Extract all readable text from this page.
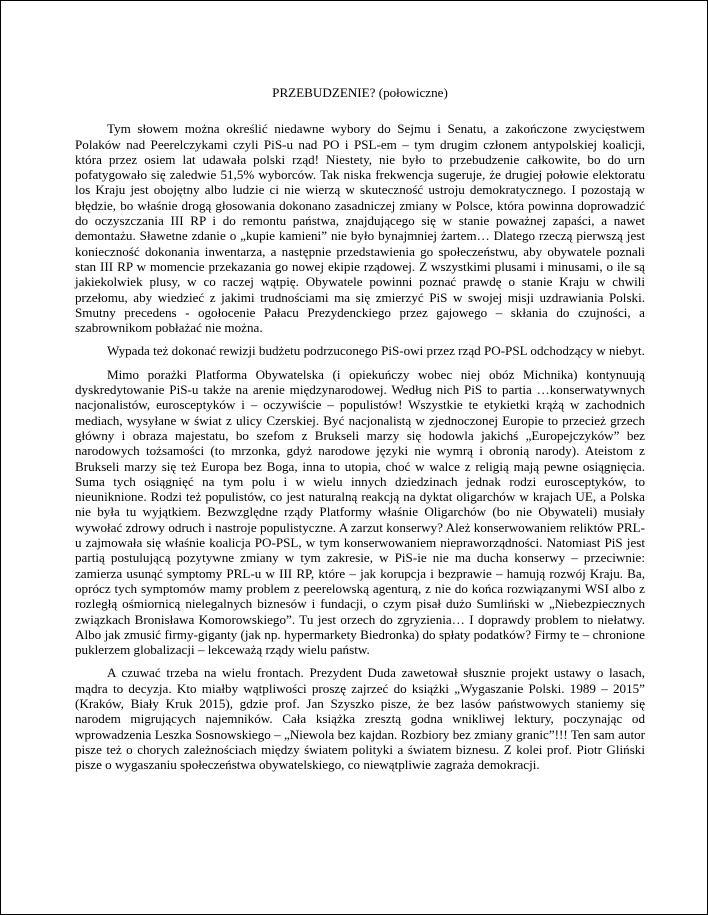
PRZEBUDZENIE? (połowiczne)

Tym słowem można określić niedawne wybory do Sejmu i Senatu, a zakończone zwycięstwem Polaków nad Peerelczykami czyli PiS-u nad PO i PSL-em – tym drugim członem antypolskiej koalicji, która przez osiem lat udawała polski rząd! Niestety, nie było to przebudzenie całkowite, bo do urn pofatygowało się zaledwie 51,5% wyborców. Tak niska frekwencja sugeruje, że drugiej połowie elektoratu los Kraju jest obojętny albo ludzie ci nie wierzą w skuteczność ustroju demokratycznego. I pozostają w błędzie, bo właśnie drogą głosowania dokonano zasadniczej zmiany w Polsce, która powinna doprowadzić do oczyszczania III RP i do remontu państwa, znajdującego się w stanie poważnej zapaści, a nawet demontażu. Sławetne zdanie o „kupie kamieni” nie było bynajmniej żartem… Dlatego rzeczą pierwszą jest konieczność dokonania inwentarza, a następnie przedstawienia go społeczeństwu, aby obywatele poznali stan III RP w momencie przekazania go nowej ekipie rządowej. Z wszystkimi plusami i minusami, o ile są jakiekolwiek plusy, w co raczej wątpię. Obywatele powinni poznać prawdę o stanie Kraju w chwili przełomu, aby wiedzieć z jakimi trudnościami ma się zmierzyć PiS w swojej misji uzdrawiania Polski. Smutny precedens - ogołocenie Pałacu Prezydenckiego przez gajowego – skłania do czujności, a szabrownikom pobłażać nie można.

Wypada też dokonać rewizji budżetu podrzuconego PiS-owi przez rząd PO-PSL odchodzący w niebyt.

Mimo porażki Platforma Obywatelska (i opiekuńczy wobec niej obóz Michnika) kontynuują dyskredytowanie PiS-u także na arenie międzynarodowej. Według nich PiS to partia …konserwatywnych nacjonalistów, eurosceptyków i – oczywiście – populistów! Wszystkie te etykietki krążą w zachodnich mediach, wysyłane w świat z ulicy Czerskiej. Być nacjonalistą w zjednoczonej Europie to przecież grzech główny i obraza majestatu, bo szefom z Brukseli marzy się hodowla jakichś „Europejczyków” bez narodowych tożsamości (to mrzonka, gdyż narodowe języki nie wymrą i obronią narody). Ateistom z Brukseli marzy się też Europa bez Boga, inna to utopia, choć w walce z religią mają pewne osiągnięcia. Suma tych osiągnięć na tym polu i w wielu innych dziedzinach jednak rodzi eurosceptyków, to nieuniknione. Rodzi też populistów, co jest naturalną reakcją na dyktat oligarchów w krajach UE, a Polska nie była tu wyjątkiem. Bezwzględne rządy Platformy właśnie Oligarchów (bo nie Obywateli) musiały wywołać zdrowy odruch i nastroje populistyczne. A zarzut konserwy? Ależ konserwowaniem reliktów PRL-u zajmowała się właśnie koalicja PO-PSL, w tym konserwowaniem niepraworządności. Natomiast PiS jest partią postulującą pozytywne zmiany w tym zakresie, w PiS-ie nie ma ducha konserwy – przeciwnie: zamierza usunąć symptomy PRL-u w III RP, które – jak korupcja i bezprawie – hamują rozwój Kraju. Ba, oprócz tych symptomów mamy problem z peerelowską agenturą, z nie do końca rozwiązanymi WSI albo z rozległą ośmiornicą nielegalnych biznesów i fundacji, o czym pisał dużo Sumliński w „Niebezpiecznych związkach Bronisława Komorowskiego”. Tu jest orzech do zgryzienia… I doprawdy problem to niełatwy. Albo jak zmusić firmy-giganty (jak np. hypermarkety Biedronka) do spłaty podatków? Firmy te – chronione puklerzem globalizacji – lekceważą rządy wielu państw.

A czuwać trzeba na wielu frontach. Prezydent Duda zawetował słusznie projekt ustawy o lasach, mądra to decyzja. Kto miałby wątpliwości proszę zajrzeć do książki „Wygaszanie Polski. 1989 – 2015” (Kraków, Biały Kruk 2015), gdzie prof. Jan Szyszko pisze, że bez lasów państwowych staniemy się narodem migrujących najemników. Cała książka zresztą godna wnikliwej lektury, poczynając od wprowadzenia Leszka Sosnowskiego – „Niewola bez kajdan. Rozbiory bez zmiany granic”!!! Ten sam autor pisze też o chorych zależnościach między światem polityki a światem biznesu. Z kolei prof. Piotr Gliński pisze o wygaszaniu społeczeństwa obywatelskiego, co niewątpliwie zagraża demokracji.
